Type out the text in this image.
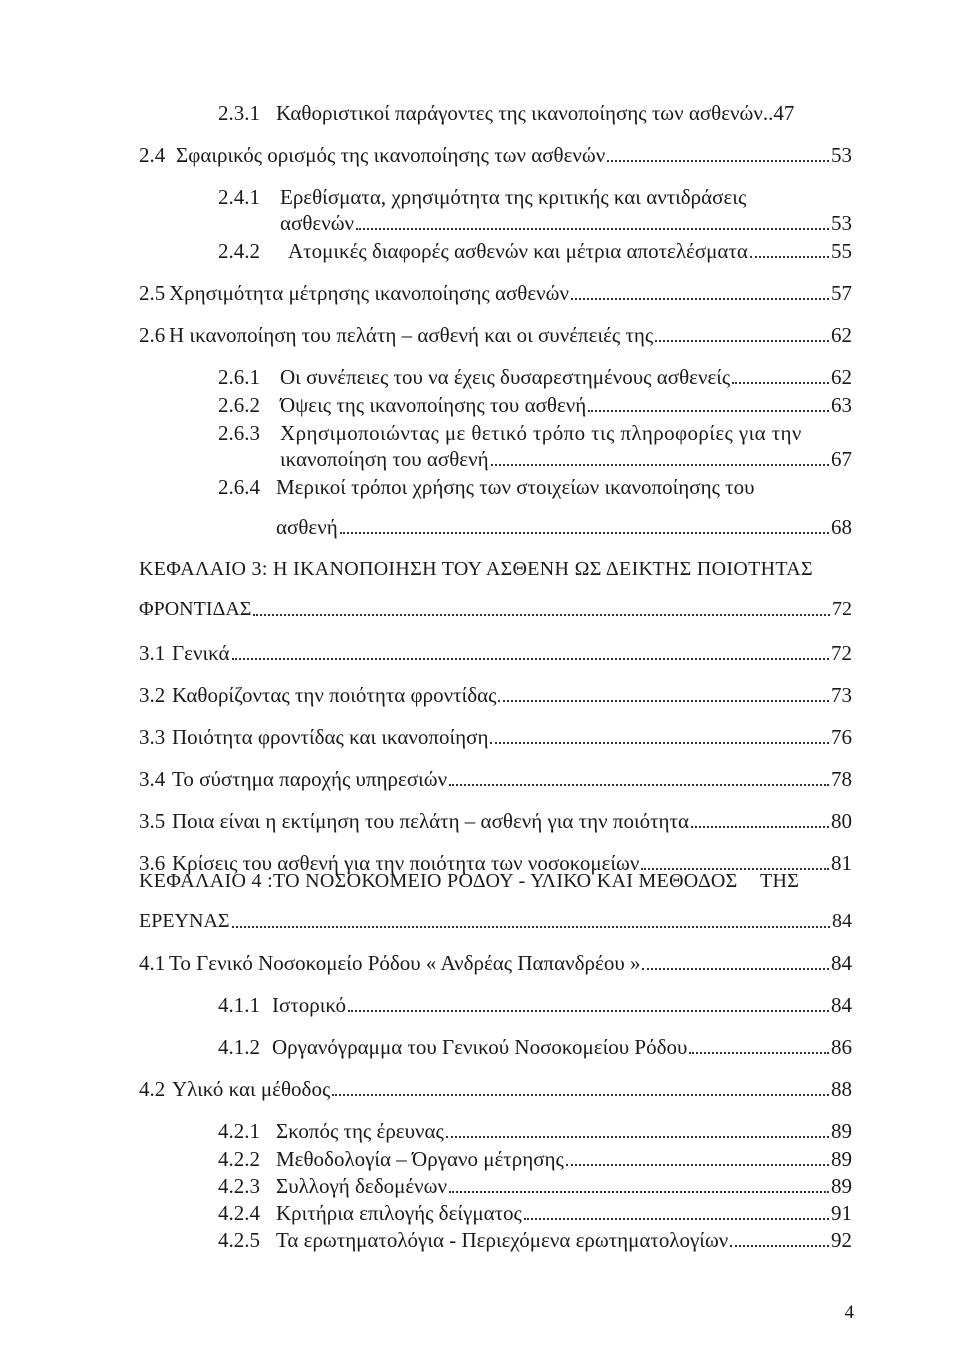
2.3.1 Καθοριστικοί παράγοντες της ικανοποίησης των ασθενών.. 47
2.4 Σφαιρικός ορισμός της ικανοποίησης των ασθενών	53
2.4.1 Ερεθίσματα, χρησιμότητα της κριτικής και αντιδράσεις
ασθενών	53
2.4.2	Ατομικές διαφορές ασθενών και μέτρια αποτελέσματα	55
2.5 Χρησιμότητα μέτρησης ικανοποίησης ασθενών	57
2.6 Η ικανοποίηση του πελάτη – ασθενή και οι συνέπειές της	62
2.6.1 Οι συνέπειες του να έχεις δυσαρεστημένους ασθενείς	62
2.6.2 Όψεις της ικανοποίησης του ασθενή	63
2.6.3 Χρησιμοποιώντας με θετικό τρόπο τις πληροφορίες για την
ικανοποίηση του ασθενή	67
2.6.4 Μερικοί τρόποι χρήσης των στοιχείων ικανοποίησης του
ασθενή	68
ΚΕΦΑΛΑΙΟ 3: Η ΙΚΑΝΟΠΟΙΗΣΗ ΤΟΥ ΑΣΘΕΝΗ ΩΣ ΔΕΙΚΤΗΣ ΠΟΙΟΤΗΤΑΣ
ΦΡΟΝΤΙΔΑΣ	72
3.1 Γενικά	72
3.2 Καθορίζοντας την ποιότητα φροντίδας	73
3.3 Ποιότητα φροντίδας και ικανοποίηση	76
3.4 Το σύστημα παροχής υπηρεσιών	78
3.5 Ποια είναι η εκτίμηση του πελάτη – ασθενή για την ποιότητα	80
3.6 Κρίσεις του ασθενή για την ποιότητα των νοσοκομείων	81
ΚΕΦΑΛΑΙΟ 4 :ΤΟ ΝΟΣΟΚΟΜΕΙΟ ΡΟΔΟΥ - ΥΛΙΚΟ ΚΑΙ ΜΕΘΟΔΟΣ ΤΗΣ
ΕΡΕΥΝΑΣ	84
4.1 Το Γενικό Νοσοκομείο Ρόδου « Ανδρέας Παπανδρέου »	84
4.1.1 Ιστορικό	84
4.1.2 Οργανόγραμμα του Γενικού Νοσοκομείου Ρόδου	86
4.2 Υλικό και μέθοδος	88
4.2.1 Σκοπός της έρευνας	89
4.2.2 Μεθοδολογία – Όργανο μέτρησης	89
4.2.3 Συλλογή δεδομένων	89
4.2.4 Κριτήρια επιλογής δείγματος	91
4.2.5 Τα ερωτηματολόγια - Περιεχόμενα ερωτηματολογίων	92
4
